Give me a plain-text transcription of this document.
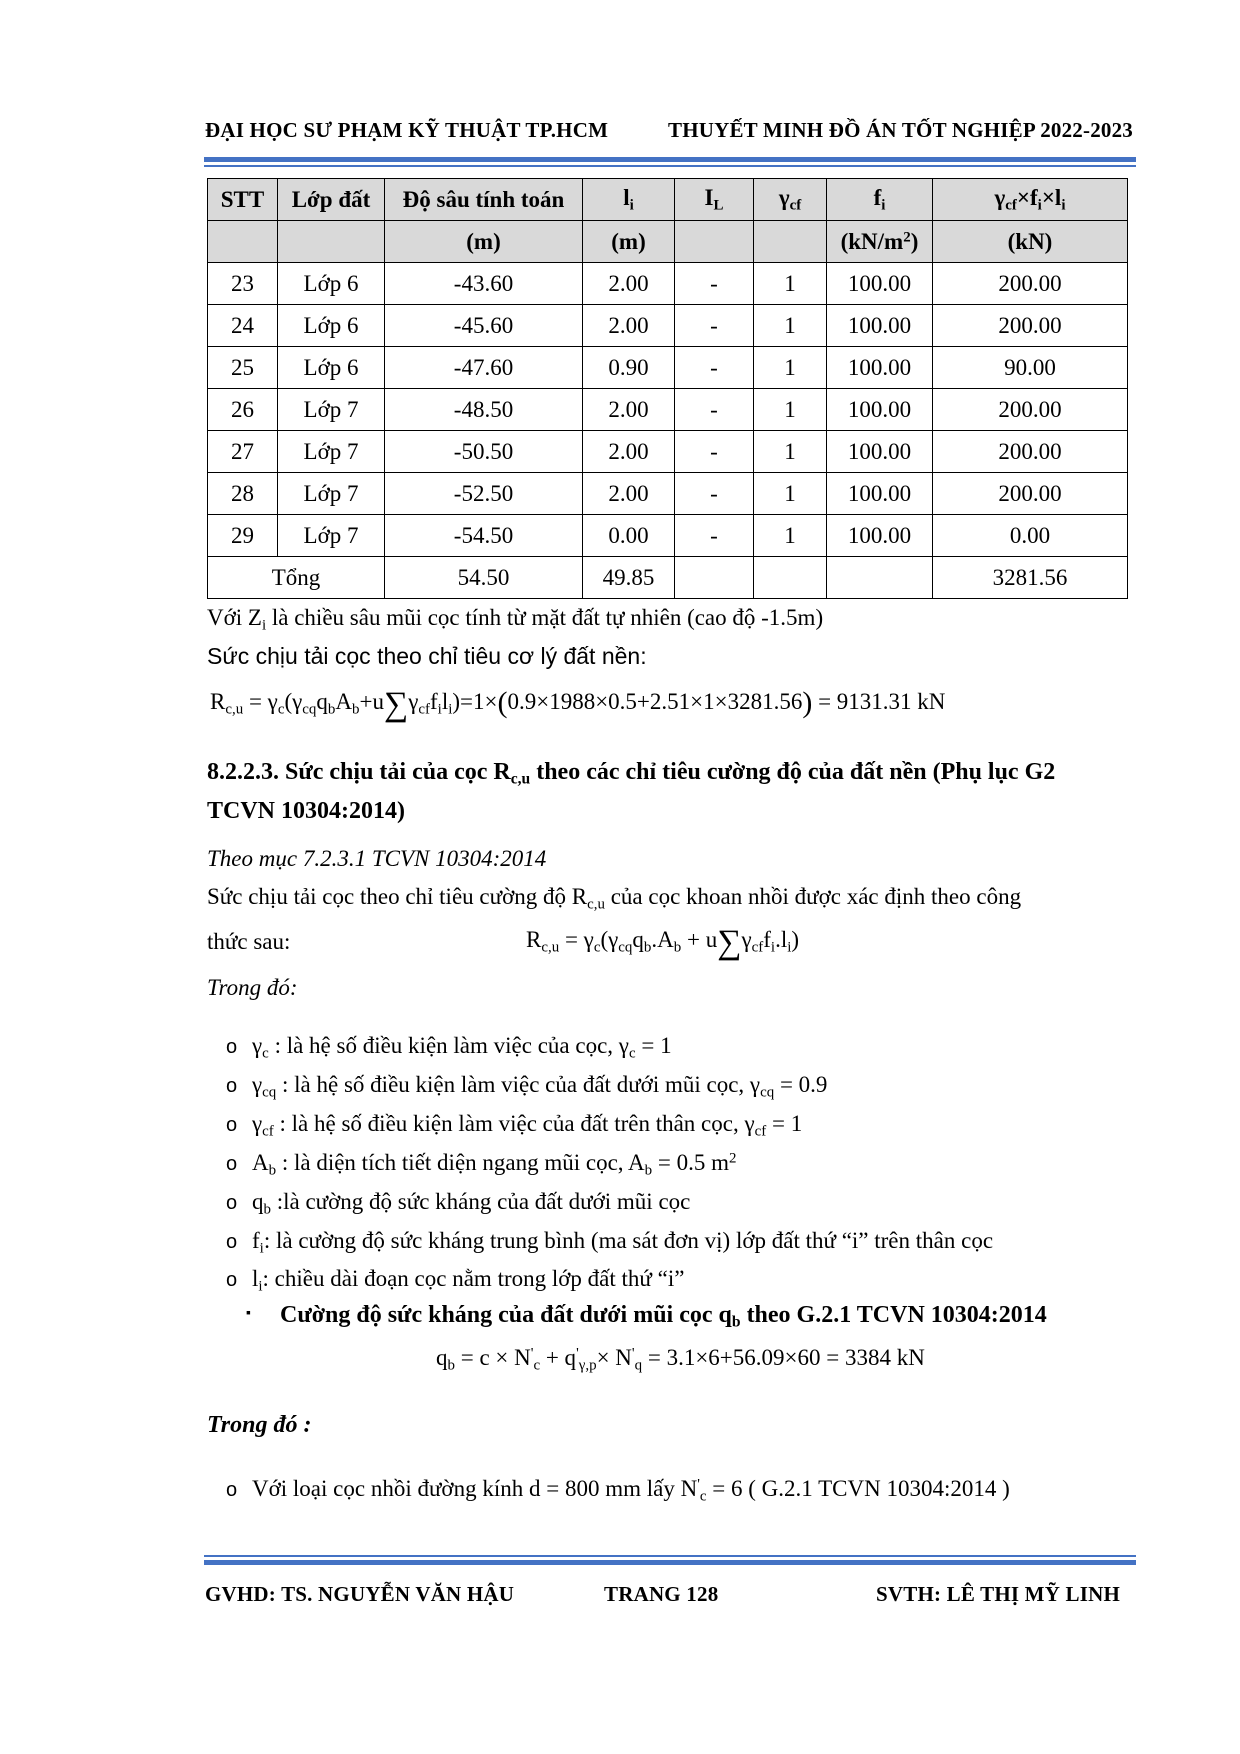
ĐẠI HỌC SƯ PHẠM KỸ THUẬT TP.HCM	THUYẾT MINH ĐỒ ÁN TỐT NGHIỆP 2022-2023
STT	Lớp đất	Độ sâu tính toán	$l_i$	$I_L$	$\gamma_{cf}$	$f_i$	$\gamma_{cf}\times f_i\times l_i$
		(m)	(m)			$(kN/m^2)$	(kN)
23	Lớp 6	-43.60	2.00	-	1	100.00	200.00
24	Lớp 6	-45.60	2.00	-	1	100.00	200.00
25	Lớp 6	-47.60	0.90	-	1	100.00	90.00
26	Lớp 7	-48.50	2.00	-	1	100.00	200.00
27	Lớp 7	-50.50	2.00	-	1	100.00	200.00
28	Lớp 7	-52.50	2.00	-	1	100.00	200.00
29	Lớp 7	-54.50	0.00	-	1	100.00	0.00
Tổng		54.50	49.85				3281.56
Với $Z_i$ là chiều sâu mũi cọc tính từ mặt đất tự nhiên (cao độ -1.5m)
Sức chịu tải cọc theo chỉ tiêu cơ lý đất nền:
$R_{c,u} = \gamma_c(\gamma_{cq}q_bA_b+u\sum\gamma_{cf}f_il_i)=1\times(0.9\times 1988\times 0.5+2.51\times 1\times 3281.56) = 9131.31$ kN
8.2.2.3. Sức chịu tải của cọc $R_{c,u}$ theo các chỉ tiêu cường độ của đất nền (Phụ lục G2
TCVN 10304:2014)
Theo mục 7.2.3.1 TCVN 10304:2014
Sức chịu tải cọc theo chỉ tiêu cường độ $R_{c,u}$ của cọc khoan nhồi được xác định theo công
thức sau:	$R_{c,u} = \gamma_c(\gamma_{cq}q_b.A_b + u\sum\gamma_{cf}f_i.l_i)$
Trong đó:
o $\gamma_c$ : là hệ số điều kiện làm việc của cọc, $\gamma_c = 1$
o $\gamma_{cq}$ : là hệ số điều kiện làm việc của đất dưới mũi cọc, $\gamma_{cq} = 0.9$
o $\gamma_{cf}$ : là hệ số điều kiện làm việc của đất trên thân cọc, $\gamma_{cf} = 1$
o $A_b$ : là diện tích tiết diện ngang mũi cọc, $A_b = 0.5$ $m^2$
o $q_b$ :là cường độ sức kháng của đất dưới mũi cọc
o $f_i$: là cường độ sức kháng trung bình (ma sát đơn vị) lớp đất thứ “i” trên thân cọc
o $l_i$: chiều dài đoạn cọc nằm trong lớp đất thứ “i”
▪ Cường độ sức kháng của đất dưới mũi cọc $q_b$ theo G.2.1 TCVN 10304:2014
$q_b = c \times N'_c + q'_{\gamma,p}\times N'_q = 3.1\times 6+56.09\times 60 = 3384$ kN
Trong đó :
o Với loại cọc nhồi đường kính d = 800 mm lấy $N'_c = 6$ ( G.2.1 TCVN 10304:2014 )
GVHD: TS. NGUYỄN VĂN HẬU	TRANG 128	SVTH: LÊ THỊ MỸ LINH
